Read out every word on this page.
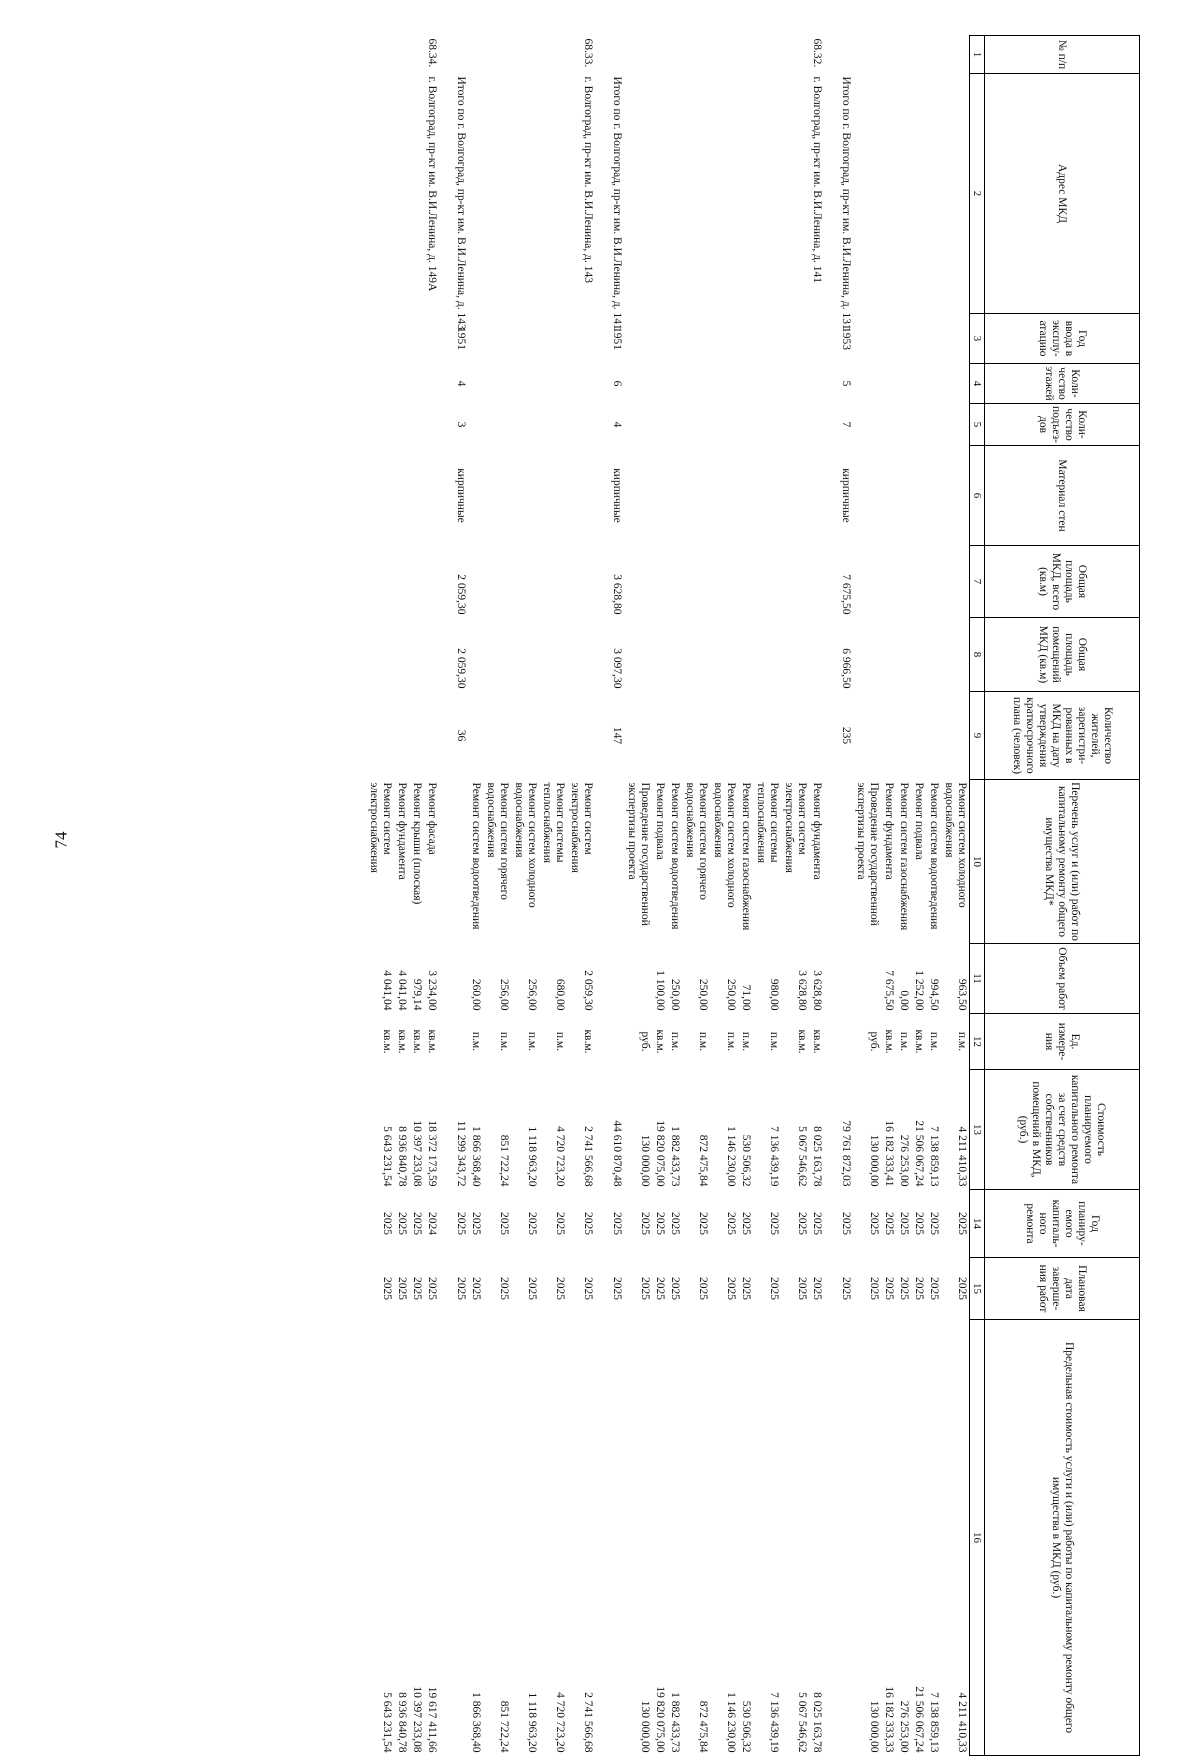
74
№ п/п	Адрес МКД	Год ввода в эксплу-атацию	Коли-чество этажей	Коли-чество подъез-дов	Материал стен	Общая площадь МКД, всего (кв.м)	Общая площадь помещений МКД (кв.м)	Количество жителей, зарегистри-рованных в МКД на дату утверждения краткосрочного плана (человек)	Перечень услуг и (или) работ по капитальному ремонту общего имущества МКД*	Объем работ	Ед. измере-ния	Стоимость планируемого капитального ремонта за счет средств собственников помещений в МКД, (руб.)	Год планиру-емого капиталь-ного ремонта	Плановая дата заверше-ния работ	Предельная стоимость услуги и (или) работы по капитальному ремонту общего имущества в МКД (руб.)
1	2	3	4	5	6	7	8	9	10	11	12	13	14	15	16
									Ремонт систем холодного водоснабжения	963,50	п.м.	4 211 410,33	2025	2025	4 211 410,33
									Ремонт систем водоотведения	994,50	п.м.	7 138 859,13	2025	2025	7 138 859,13
									Ремонт подвала	1 252,00	кв.м.	21 506 067,24	2025	2025	21 506 067,24
									Ремонт систем газоснабжения	0,00	п.м.	276 253,00	2025	2025	276 253,00
									Ремонт фундамента	7 675,50	кв.м.	16 182 333,41	2025	2025	16 182 333,33
									Проведение государственной экспертизы проекта		руб.	130 000,00	2025	2025	130 000,00
	Итого по г. Волгоград, пр-кт им. В.И.Ленина, д. 131	1953	5	7	кирпичные	7 675,50	6 966,50	235				79 761 872,03	2025	2025	

68.32.	г. Волгоград, пр-кт им. В.И.Ленина, д. 141								Ремонт фундамента	3 628,80	кв.м.	8 025 163,78	2025	2025	8 025 163,78
									Ремонт систем электроснабжения	3 628,80	кв.м.	5 067 546,62	2025	2025	5 067 546,62
									Ремонт системы теплоснабжения	980,00	п.м.	7 136 439,19	2025	2025	7 136 439,19
									Ремонт систем газоснабжения	71,00	п.м.	530 506,32	2025	2025	530 506,32
									Ремонт систем холодного водоснабжения	250,00	п.м.	1 146 230,00	2025	2025	1 146 230,00
									Ремонт систем горячего водоснабжения	250,00	п.м.	872 475,84	2025	2025	872 475,84
									Ремонт систем водоотведения	250,00	п.м.	1 882 433,73	2025	2025	1 882 433,73
									Ремонт подвала	1 100,00	кв.м.	19 820 075,00	2025	2025	19 820 075,00
									Проведение государственной экспертизы проекта		руб.	130 000,00	2025	2025	130 000,00
	Итого по г. Волгоград, пр-кт им. В.И.Ленина, д. 141	1951	6	4	кирпичные	3 628,80	3 097,30	147				44 610 870,48	2025	2025	

68.33.	г. Волгоград, пр-кт им. В.И.Ленина, д. 143								Ремонт систем электроснабжения	2 059,30	кв.м.	2 741 566,68	2025	2025	2 741 566,68
									Ремонт системы теплоснабжения	680,00	п.м.	4 720 723,20	2025	2025	4 720 723,20
									Ремонт систем холодного водоснабжения	256,00	п.м.	1 118 963,20	2025	2025	1 118 963,20
									Ремонт систем горячего водоснабжения	256,00	п.м.	851 722,24	2025	2025	851 722,24
									Ремонт систем водоотведения	260,00	п.м.	1 866 368,40	2025	2025	1 866 368,40
	Итого по г. Волгоград, пр-кт им. В.И.Ленина, д. 143	1951	4	3	кирпичные	2 059,30	2 059,30	36				11 299 343,72	2025	2025	

68.34.	г. Волгоград, пр-кт им. В.И.Ленина, д. 149А								Ремонт фасада	3 234,00	кв.м.	18 372 173,59	2024	2025	19 617 411,66
									Ремонт крыши (плоская)	979,14	кв.м.	10 397 233,08	2025	2025	10 397 233,08
									Ремонт фундамента	4 041,04	кв.м.	8 936 840,78	2025	2025	8 936 840,78
									Ремонт систем электроснабжения	4 041,04	кв.м.	5 643 231,54	2025	2025	5 643 231,54
